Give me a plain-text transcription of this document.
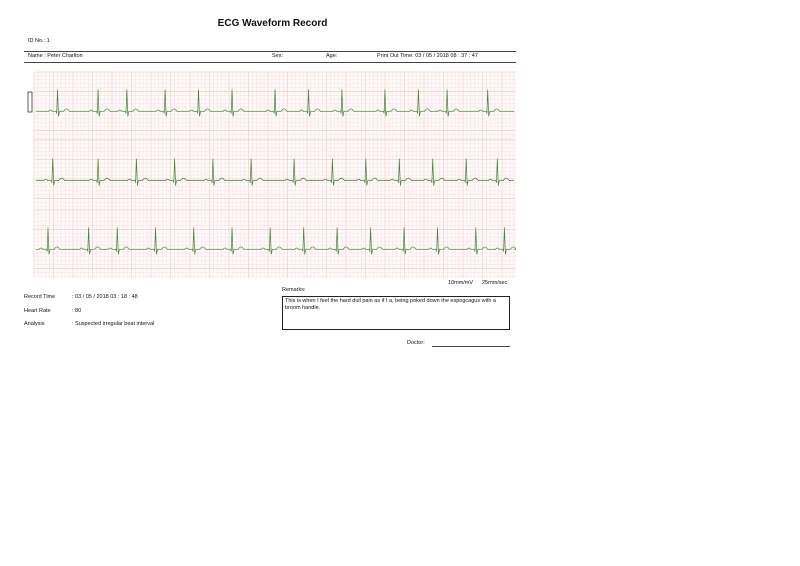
ECG Waveform Record
ID No.: 1
Name : Peter Charlton	Sex:	Age:	Print Out Time: 03 / 05 / 2018 08 : 37 : 47
10mm/mV 25mm/sec
Record Time	: 03 / 05 / 2018 03 : 18 : 48
Heart Rate	: 80
Analysis	: Suspected irregular beat interval
Remarks:
This is when I feel the hard dull pain as if I a, being poked down the espogcagus with a broom handle.
Doctor:
